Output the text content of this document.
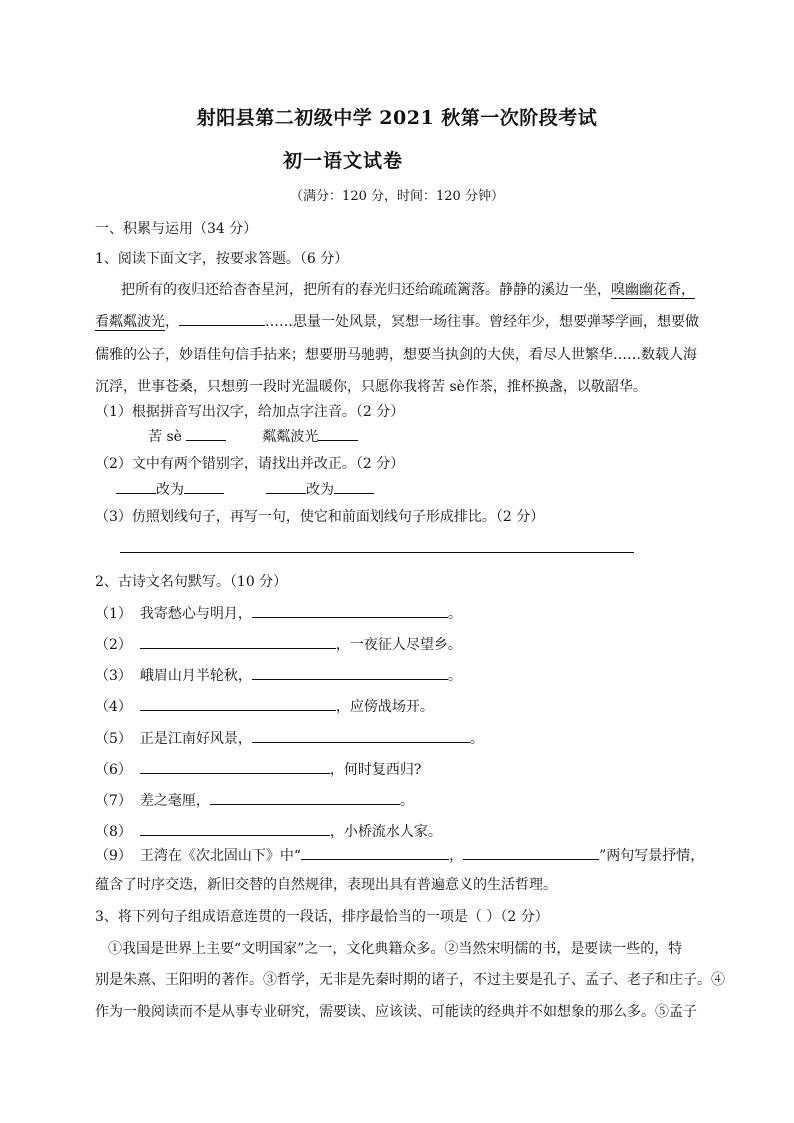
射阳县第二初级中学 2021 秋第一次阶段考试
初一语文试卷
（满分：120 分，时间：120 分钟）
一、积累与运用（34 分）
1、阅读下面文字，按要求答题。（6 分）
把所有的夜归还给杳杳星河，把所有的春光归还给疏疏篱落。静静的溪边一坐，嗅幽幽花香，
看粼粼波光，	……思量一处风景，冥想一场往事。曾经年少，想要弹琴学画，想要做
儒雅的公子，妙语佳句信手拈来；想要册马驰骋，想要当执剑的大侠，看尽人世繁华……数载人海
沉浮，世事苍桑，只想剪一段时光温暖你，只愿你我将苦 sè作茶，推杯换盏，以敬韶华。
（1）根据拼音写出汉字，给加点字注音。（2 分）
苦 sè	粼粼波光
（2）文中有两个错别字，请找出并改正。（2 分）
改为	改为
（3）仿照划线句子，再写一句，使它和前面划线句子形成排比。（2 分）
2、古诗文名句默写。（10 分）
（1） 我寄愁心与明月，	。
（2）	，一夜征人尽望乡。
（3） 峨眉山月半轮秋，	。
（4）	，应傍战场开。
（5） 正是江南好风景，	。
（6）	，何时复西归?
（7） 差之毫厘，	。
（8）	，小桥流水人家。
（9） 王湾在《次北固山下》中“	，	”两句写景抒情，
蕴含了时序交迭，新旧交替的自然规律，表现出具有普遍意义的生活哲理。
3、将下列句子组成语意连贯的一段话，排序最恰当的一项是（ ）（2 分）
①我国是世界上主要“文明国家”之一，文化典籍众多。②当然宋明儒的书，是要读一些的，特
别是朱熹、王阳明的著作。③哲学，无非是先秦时期的诸子，不过主要是孔子、孟子、老子和庄子。④
作为一般阅读而不是从事专业研究，需要读、应该读、可能读的经典并不如想象的那么多。⑤孟子
